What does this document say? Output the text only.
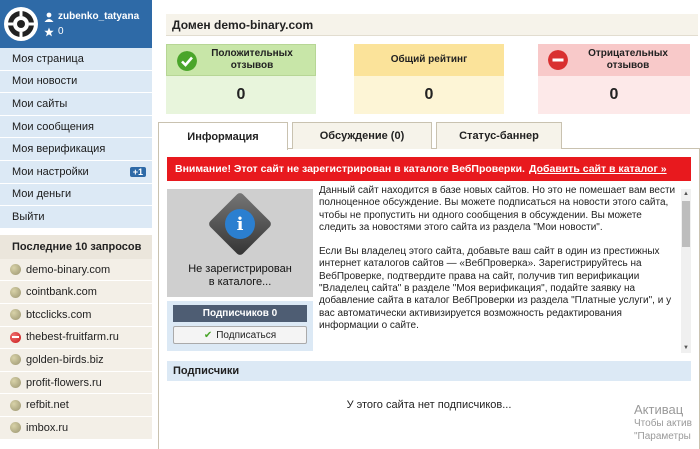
zubenko_tatyana
0
Моя страница
Мои новости
Мои сайты
Мои сообщения
Моя верификация
Мои настройки	+1
Мои деньги
Выйти
Последние 10 запросов
demo-binary.com
cointbank.com
btcclicks.com
thebest-fruitfarm.ru
golden-birds.biz
profit-flowers.ru
refbit.net
imbox.ru
Домен demo-binary.com
Положительных
отзывов
0
Общий рейтинг
0
Отрицательных
отзывов
0
Информация	Обсуждение (0)	Статус-баннер
Внимание! Этот сайт не зарегистрирован в каталоге ВебПроверки. Добавить сайт в каталог »
i
Не зарегистрирован
в каталоге...
Подписчиков 0
✔ Подписаться

Данный сайт находится в базе новых сайтов. Но это не помешает вам вести полноценное обсуждение. Вы можете подписаться на новости этого сайта, чтобы не пропустить ни одного сообщения в обсуждении. Вы можете следить за новостями этого сайта из раздела "Мои новости".

Если Вы владелец этого сайта, добавьте ваш сайт в один из престижных интернет каталогов сайтов — «ВебПроверка». Зарегистрируйтесь на ВебПроверке, подтвердите права на сайт, получив тип верификации "Владелец сайта" в разделе "Моя верификация", подайте заявку на добавление сайта в каталог ВебПроверки из раздела "Платные услуги", и у вас автоматически активизируется возможность редактирования информации о сайте.

▲
▼
Подписчики
У этого сайта нет подписчиков...	Активац
Чтобы актив
"Параметры
